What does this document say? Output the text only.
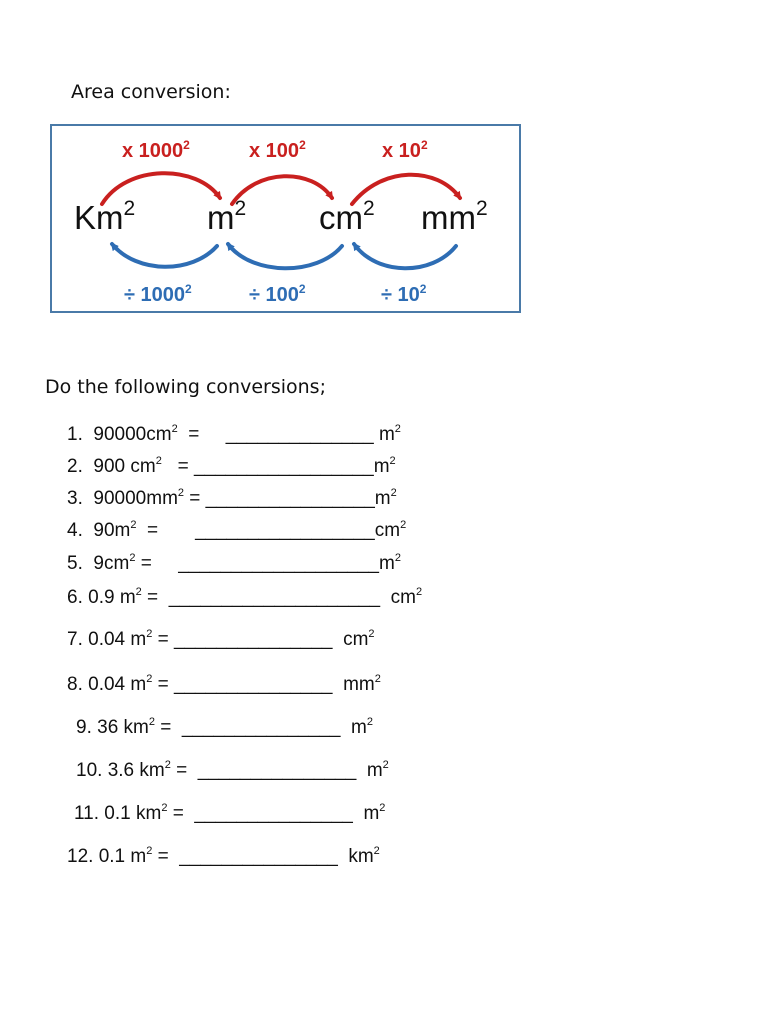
Area conversion:
x 1000$^2$	x $100^2$	x $10^2$
Km$^2$ $m^2$ $cm^2$ $mm^2$
÷ $1000^2$	÷ $100^2$	÷ $10^2$
Do the following conversions;
1.  $90000cm^2$  =     ______________ $m^2$
2.  900 $cm^2$   = $\_\_\_\_\_\_\_\_\_\_\_\_\_\_\_\_\_m^2$
3.  $90000mm^2$ = $\_\_\_\_\_\_\_\_\_\_\_\_\_\_\_\_m^2$
4.  $90m^2$  =       $\_\_\_\_\_\_\_\_\_\_\_\_\_\_\_\_\_cm^2$
5.  $9cm^2$ =     $\_\_\_\_\_\_\_\_\_\_\_\_\_\_\_\_\_\_\_m^2$
6. 0.9 $m^2$ =  ____________________  $cm^2$
7. 0.04 $m^2$ = _______________  $cm^2$
8. 0.04 $m^2$ = _______________  $mm^2$
9. 36 $km^2$ =  _______________  $m^2$
10. 3.6 $km^2$ =  _______________  $m^2$
11. 0.1 $km^2$ =  _______________  $m^2$
12. 0.1 $m^2$ =  _______________  $km^2$
